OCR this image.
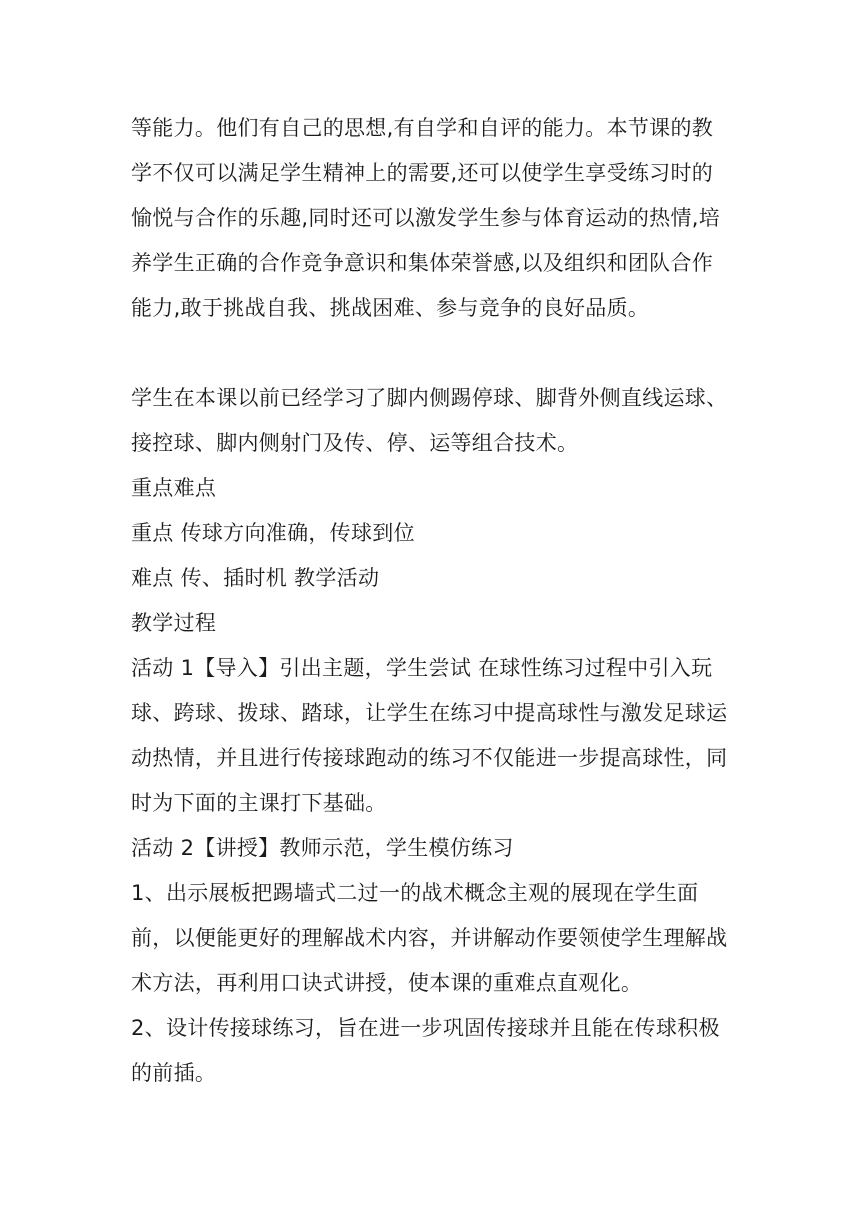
等能力。他们有自己的思想,有自学和自评的能力。本节课的教
学不仅可以满足学生精神上的需要,还可以使学生享受练习时的
愉悦与合作的乐趣,同时还可以激发学生参与体育运动的热情,培
养学生正确的合作竞争意识和集体荣誉感,以及组织和团队合作
能力,敢于挑战自我、挑战困难、参与竞争的良好品质。
学生在本课以前已经学习了脚内侧踢停球、脚背外侧直线运球、
接控球、脚内侧射门及传、停、运等组合技术。
重点难点
重点 传球方向准确，传球到位
难点 传、插时机 教学活动
教学过程
活动 1【导入】引出主题，学生尝试 在球性练习过程中引入玩
球、跨球、拨球、踏球，让学生在练习中提高球性与激发足球运
动热情，并且进行传接球跑动的练习不仅能进一步提高球性，同
时为下面的主课打下基础。
活动 2【讲授】教师示范，学生模仿练习
1、出示展板把踢墙式二过一的战术概念主观的展现在学生面
前，以便能更好的理解战术内容，并讲解动作要领使学生理解战
术方法，再利用口诀式讲授，使本课的重难点直观化。
2、设计传接球练习，旨在进一步巩固传接球并且能在传球积极
的前插。
